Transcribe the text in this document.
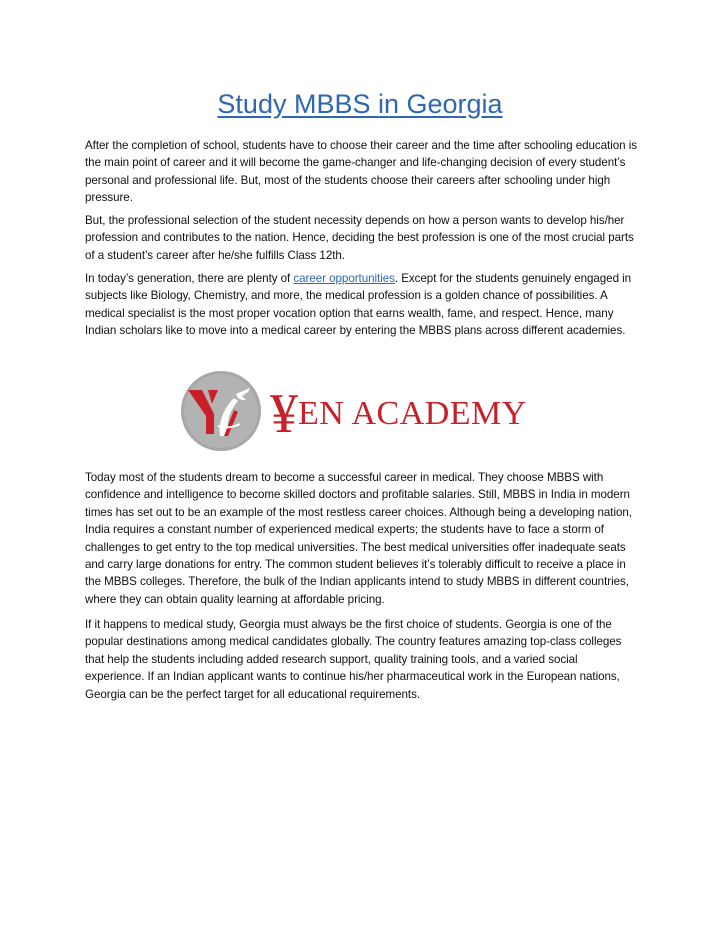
Study MBBS in Georgia

After the completion of school, students have to choose their career and the time after schooling education is the main point of career and it will become the game-changer and life-changing decision of every student’s personal and professional life. But, most of the students choose their careers after schooling under high pressure.

But, the professional selection of the student necessity depends on how a person wants to develop his/her profession and contributes to the nation. Hence, deciding the best profession is one of the most crucial parts of a student’s career after he/she fulfills Class 12th.

In today’s generation, there are plenty of career opportunities. Except for the students genuinely engaged in subjects like Biology, Chemistry, and more, the medical profession is a golden chance of possibilities. A medical specialist is the most proper vocation option that earns wealth, fame, and respect. Hence, many Indian scholars like to move into a medical career by entering the MBBS plans across different academies.

¥EN ACADEMY

Today most of the students dream to become a successful career in medical. They choose MBBS with confidence and intelligence to become skilled doctors and profitable salaries. Still, MBBS in India in modern times has set out to be an example of the most restless career choices. Although being a developing nation, India requires a constant number of experienced medical experts; the students have to face a storm of challenges to get entry to the top medical universities. The best medical universities offer inadequate seats and carry large donations for entry. The common student believes it’s tolerably difficult to receive a place in the MBBS colleges. Therefore, the bulk of the Indian applicants intend to study MBBS in different countries, where they can obtain quality learning at affordable pricing.

If it happens to medical study, Georgia must always be the first choice of students. Georgia is one of the popular destinations among medical candidates globally. The country features amazing top-class colleges that help the students including added research support, quality training tools, and a varied social experience. If an Indian applicant wants to continue his/her pharmaceutical work in the European nations, Georgia can be the perfect target for all educational requirements.
